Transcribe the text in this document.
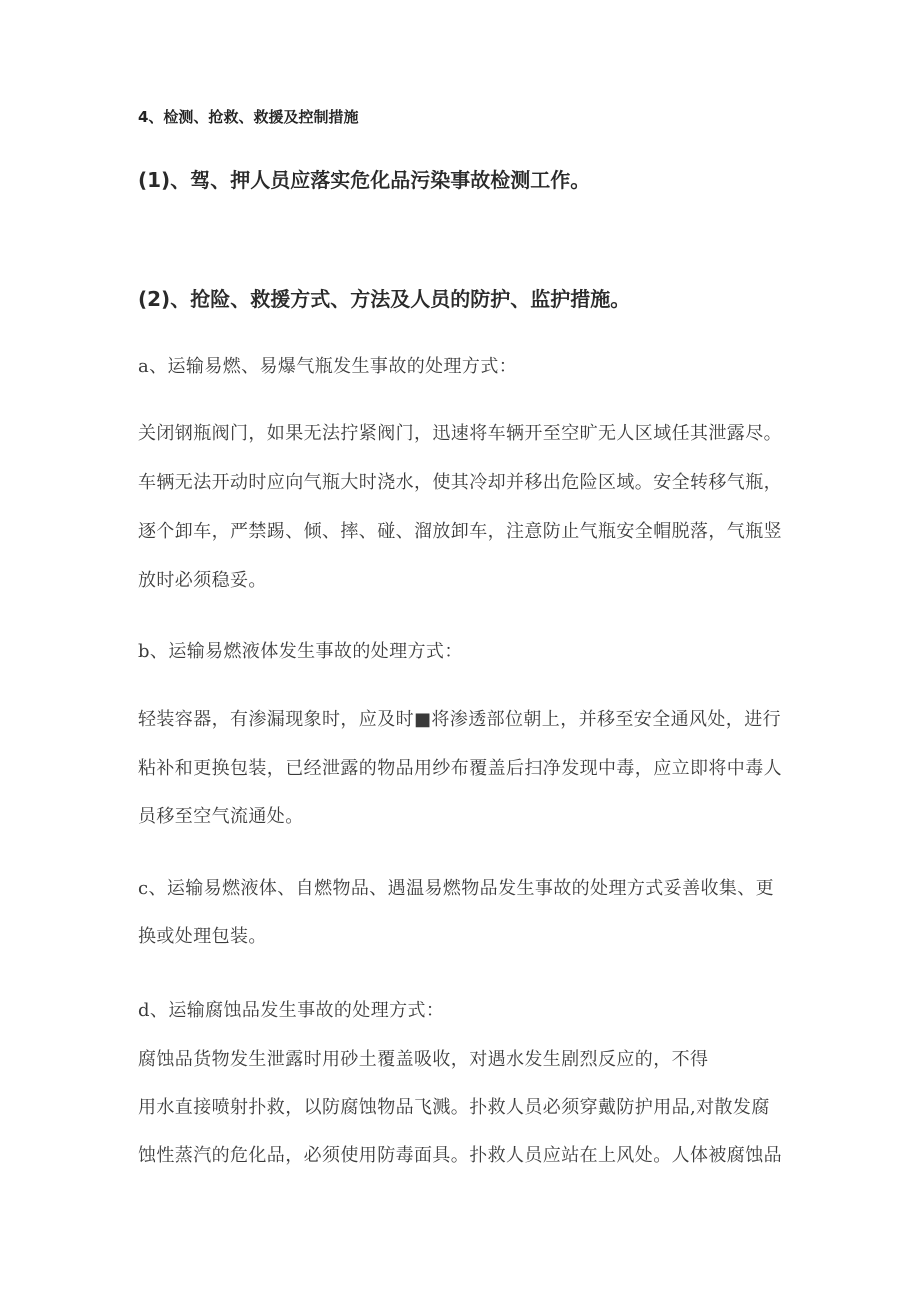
4、检测、抢救、救援及控制措施

(1)、驾、押人员应落实危化品污染事故检测工作。

(2)、抢险、救援方式、方法及人员的防护、监护措施。

a、运输易燃、易爆气瓶发生事故的处理方式：

关闭钢瓶阀门，如果无法拧紧阀门，迅速将车辆开至空旷无人区域任其泄露尽。

车辆无法开动时应向气瓶大时浇水，使其冷却并移出危险区域。安全转移气瓶，

逐个卸车，严禁踢、倾、摔、碰、溜放卸车，注意防止气瓶安全帽脱落，气瓶竖

放时必须稳妥。

b、运输易燃液体发生事故的处理方式：

轻装容器，有渗漏现象时，应及时■将渗透部位朝上，并移至安全通风处，进行

粘补和更换包装，已经泄露的物品用纱布覆盖后扫净发现中毒，应立即将中毒人

员移至空气流通处。

c、运输易燃液体、自燃物品、遇温易燃物品发生事故的处理方式妥善收集、更

换或处理包装。

d、运输腐蚀品发生事故的处理方式：

腐蚀品货物发生泄露时用砂土覆盖吸收，对遇水发生剧烈反应的，不得

用水直接喷射扑救，以防腐蚀物品飞溅。扑救人员必须穿戴防护用品,对散发腐

蚀性蒸汽的危化品，必须使用防毒面具。扑救人员应站在上风处。人体被腐蚀品
